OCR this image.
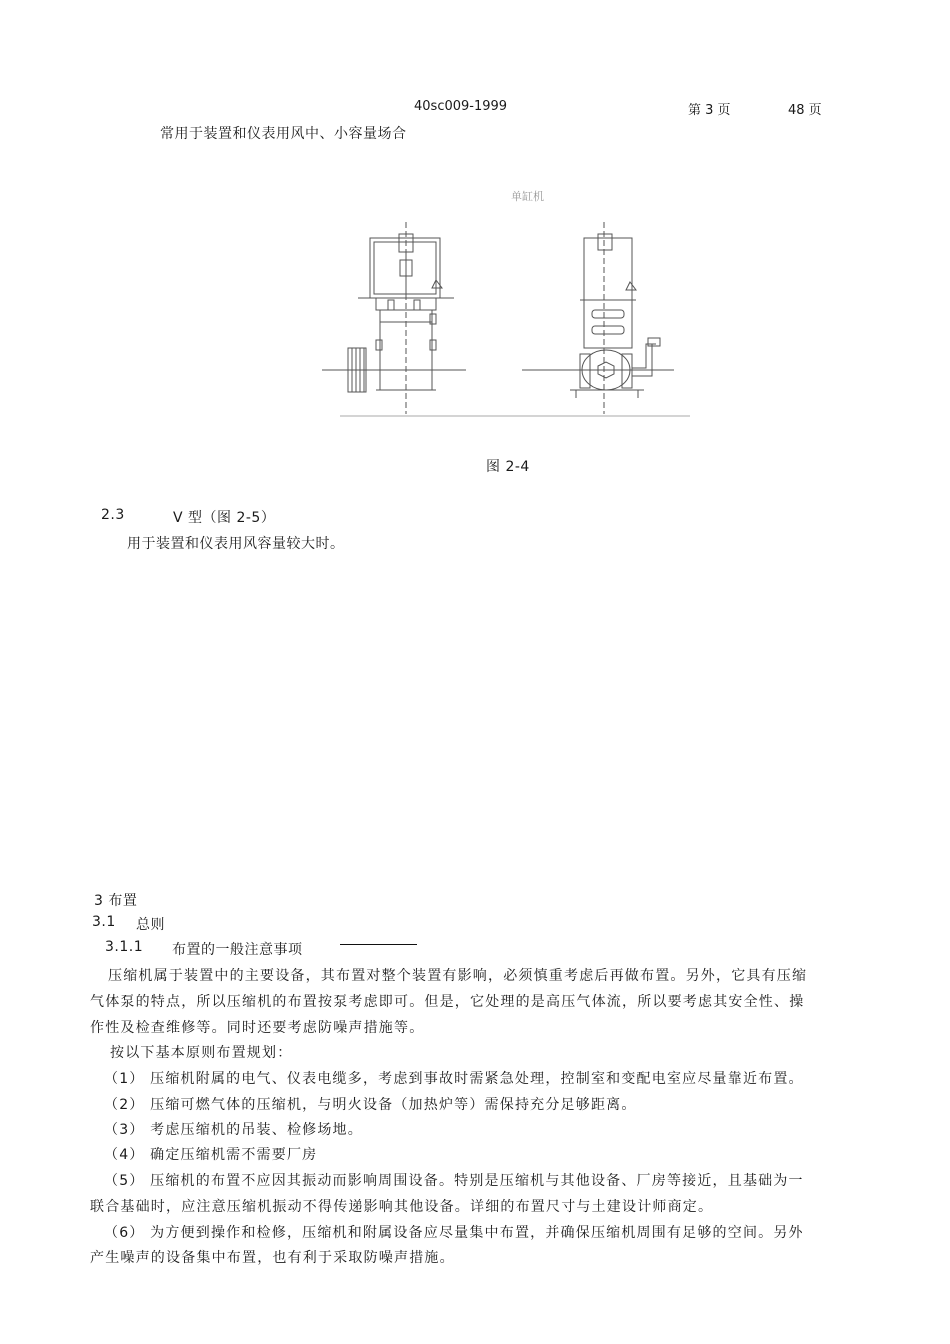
40sc009-1999	第 3 页	48 页
常用于装置和仪表用风中、小容量场合
单缸机
图 2-4
2.3	V 型（图 2-5）
用于装置和仪表用风容量较大时。
3 布置
3.1 总则
3.1.1 布置的一般注意事项
压缩机属于装置中的主要设备，其布置对整个装置有影响，必须慎重考虑后再做布置。另外，它具有压缩
气体泵的特点，所以压缩机的布置按泵考虑即可。但是，它处理的是高压气体流，所以要考虑其安全性、操
作性及检查维修等。同时还要考虑防噪声措施等。
按以下基本原则布置规划：
（1） 压缩机附属的电气、仪表电缆多，考虑到事故时需紧急处理，控制室和变配电室应尽量靠近布置。
（2） 压缩可燃气体的压缩机，与明火设备（加热炉等）需保持充分足够距离。
（3） 考虑压缩机的吊装、检修场地。
（4） 确定压缩机需不需要厂房
（5） 压缩机的布置不应因其振动而影响周围设备。特别是压缩机与其他设备、厂房等接近，且基础为一
联合基础时，应注意压缩机振动不得传递影响其他设备。详细的布置尺寸与土建设计师商定。
（6） 为方便到操作和检修，压缩机和附属设备应尽量集中布置，并确保压缩机周围有足够的空间。另外
产生噪声的设备集中布置，也有利于采取防噪声措施。
